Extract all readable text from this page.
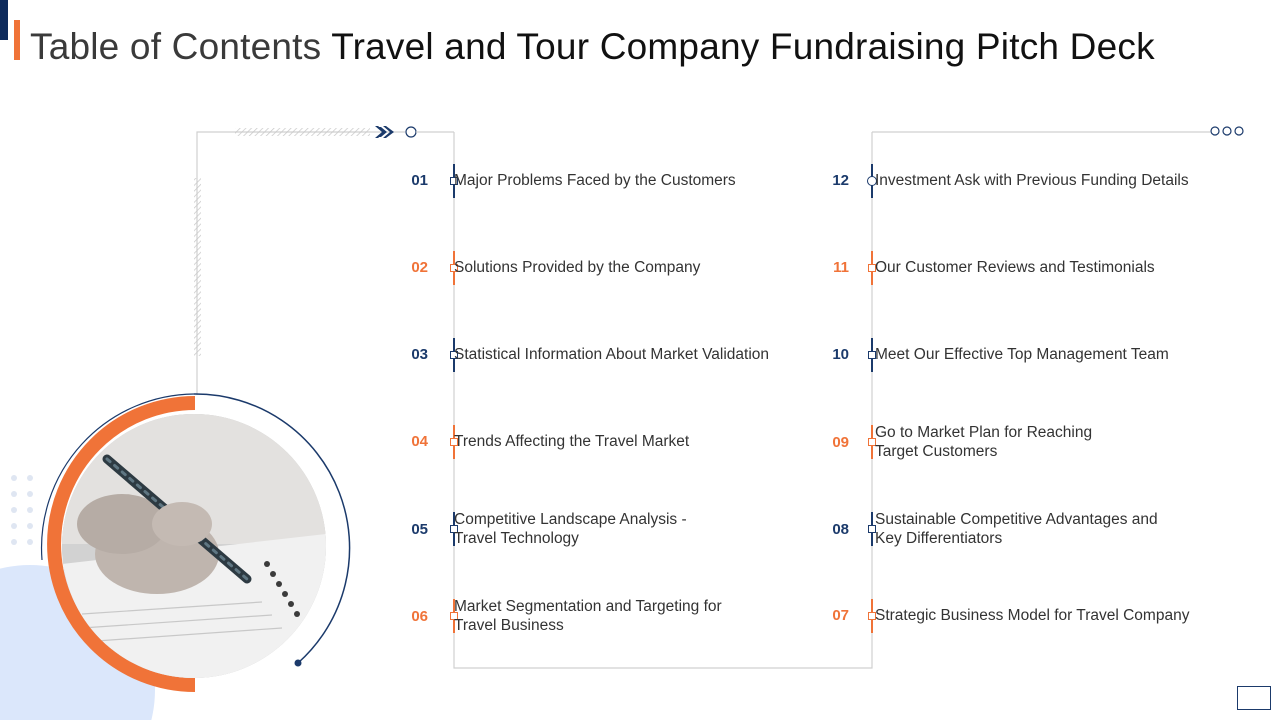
Table of Contents Travel and Tour Company Fundraising Pitch Deck
01 Major Problems Faced by the Customers
02 Solutions Provided by the Company
03 Statistical Information About Market Validation
04 Trends Affecting the Travel Market
05
Competitive Landscape Analysis -
Travel Technology
06
Market Segmentation and Targeting for
Travel Business
12 Investment Ask with Previous Funding Details
11 Our Customer Reviews and Testimonials
10 Meet Our Effective Top Management Team
09
Go to Market Plan for Reaching
Target Customers
08
Sustainable Competitive Advantages and
Key Differentiators
07 Strategic Business Model for Travel Company
